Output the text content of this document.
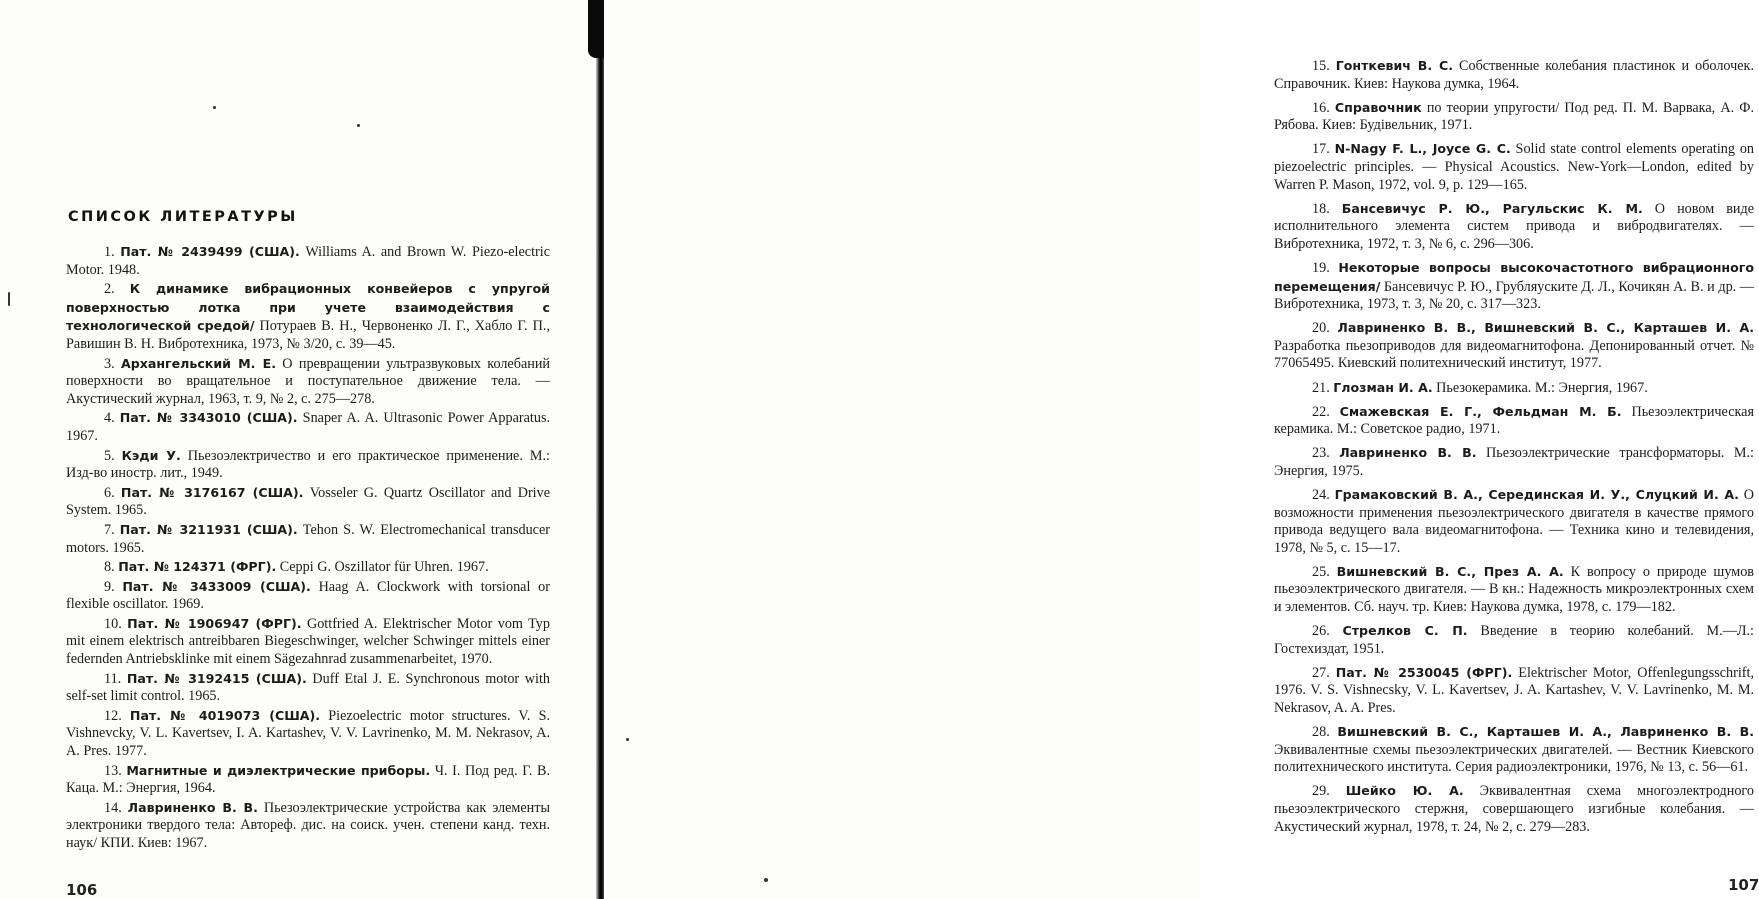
СПИСОК ЛИТЕРАТУРЫ
1. Пат. № 2439499 (США). Williams A. and Brown W. Piezo-electric Motor. 1948.
2. К динамике вибрационных конвейеров с упругой поверхностью лотка при учете взаимодействия с технологической средой/ Потураев В. Н., Червоненко Л. Г., Хабло Г. П., Равишин В. Н. Вибротехника, 1973, № 3/20, с. 39—45.
3. Архангельский М. Е. О превращении ультразвуковых колебаний поверхности во вращательное и поступательное движение тела. — Акустический журнал, 1963, т. 9, № 2, с. 275—278.
4. Пат. № 3343010 (США). Snaper A. A. Ultrasonic Power Apparatus. 1967.
5. Кэди У. Пьезоэлектричество и его практическое применение. М.: Изд-во иностр. лит., 1949.
6. Пат. № 3176167 (США). Vosseler G. Quartz Oscillator and Drive System. 1965.
7. Пат. № 3211931 (США). Tehon S. W. Electromechanical transducer motors. 1965.
8. Пат. № 124371 (ФРГ). Ceppi G. Oszillator für Uhren. 1967.
9. Пат. № 3433009 (США). Haag A. Clockwork with torsional or flexible oscillator. 1969.
10. Пат. № 1906947 (ФРГ). Gottfried A. Elektrischer Motor vom Typ mit einem elektrisch antreibbaren Biegeschwinger, welcher Schwinger mittels einer federnden Antriebsklinke mit einem Sägezahnrad zusammenarbeitet, 1970.
11. Пат. № 3192415 (США). Duff Etal J. E. Synchronous motor with self-set limit control. 1965.
12. Пат. № 4019073 (США). Piezoelectric motor structures. V. S. Vishnevcky, V. L. Kavertsev, I. A. Kartashev, V. V. Lavrinenko, M. M. Nekrasov, A. A. Pres. 1977.
13. Магнитные и диэлектрические приборы. Ч. I. Под ред. Г. В. Каца. М.: Энергия, 1964.
14. Лавриненко В. В. Пьезоэлектрические устройства как элементы электроники твердого тела: Автореф. дис. на соиск. учен. степени канд. техн. наук/ КПИ. Киев: 1967.
106
15. Гонткевич В. С. Собственные колебания пластинок и оболочек. Справочник. Киев: Наукова думка, 1964.
16. Справочник по теории упругости/ Под ред. П. М. Варвака, А. Ф. Рябова. Киев: Будівельник, 1971.
17. N-Nagy F. L., Joyce G. C. Solid state control elements operating on piezoelectric principles. — Physical Acoustics. New-York—London, edited by Warren P. Mason, 1972, vol. 9, p. 129—165.
18. Бансевичус Р. Ю., Рагульскис К. М. О новом виде исполнительного элемента систем привода и вибродвигателях. — Вибротехника, 1972, т. 3, № 6, с. 296—306.
19. Некоторые вопросы высокочастотного вибрационного перемещения/ Бансевичус Р. Ю., Грубляуските Д. Л., Кочикян А. В. и др. — Вибротехника, 1973, т. 3, № 20, с. 317—323.
20. Лавриненко В. В., Вишневский В. С., Карташев И. А. Разработка пьезоприводов для видеомагнитофона. Депонированный отчет. № 77065495. Киевский политехнический институт, 1977.
21. Глозман И. А. Пьезокерамика. М.: Энергия, 1967.
22. Смажевская Е. Г., Фельдман М. Б. Пьезоэлектрическая керамика. М.: Советское радио, 1971.
23. Лавриненко В. В. Пьезоэлектрические трансформаторы. М.: Энергия, 1975.
24. Грамаковский В. А., Серединская И. У., Слуцкий И. А. О возможности применения пьезоэлектрического двигателя в качестве прямого привода ведущего вала видеомагнитофона. — Техника кино и телевидения, 1978, № 5, с. 15—17.
25. Вишневский В. С., През А. А. К вопросу о природе шумов пьезоэлектрического двигателя. — В кн.: Надежность микроэлектронных схем и элементов. Сб. науч. тр. Киев: Наукова думка, 1978, с. 179—182.
26. Стрелков С. П. Введение в теорию колебаний. М.—Л.: Гостехиздат, 1951.
27. Пат. № 2530045 (ФРГ). Elektrischer Motor, Offenlegungsschrift, 1976. V. S. Vishnecsky, V. L. Kavertsev, J. A. Kartashev, V. V. Lavrinenko, M. M. Nekrasov, A. A. Pres.
28. Вишневский В. С., Карташев И. А., Лавриненко В. В. Эквивалентные схемы пьезоэлектрических двигателей. — Вестник Киевского политехнического института. Серия радиоэлектроники, 1976, № 13, с. 56—61.
29. Шейко Ю. А. Эквивалентная схема многоэлектродного пьезоэлектрического стержня, совершающего изгибные колебания. — Акустический журнал, 1978, т. 24, № 2, с. 279—283.
107
